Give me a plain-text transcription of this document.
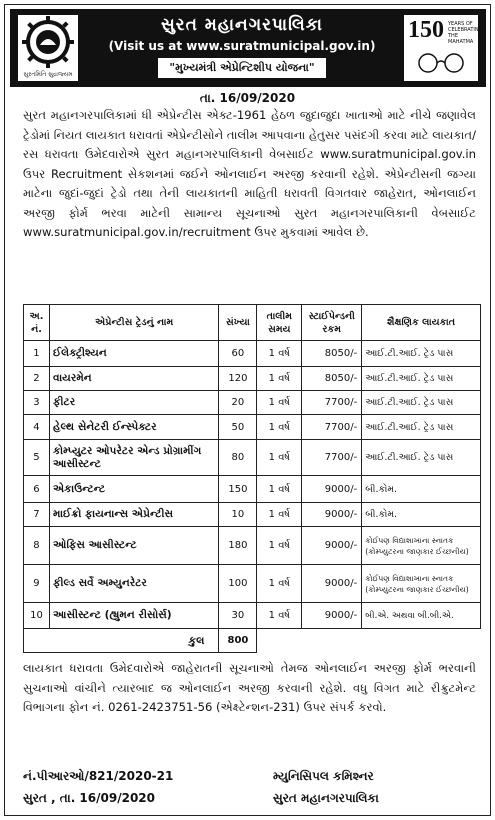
સુરતમિતિ સુદ્રાજ્યમ
સુરત મહાનગરપાલિકા
(Visit us at www.suratmunicipal.gov.in)
"મુખ્યમંત્રી એપ્રેન્ટિશીપ યોજના"
150 YEARS OF CELEBRATING THE MAHATMA
તા. 16/09/2020
સુરત મહાનગરપાલિકામાં ધી એપ્રેન્ટીસ એક્ટ-1961 હેઠળ જુદાજુદા ખાતાઓ માટે નીચે જણાવેલ ટ્રેડોમાં નિયત લાયકાત ધરાવતાં એપ્રેન્ટીસોને તાલીમ આપવાના હેતુસર પસંદગી કરવા માટે લાયકાત/રસ ધરાવતા ઉમેદવારોએ સુરત મહાનગરપાલિકાની વેબસાઈટ www.suratmunicipal.gov.in ઉપર Recruitment સેકશનમાં જઈને ઓનલાઈન અરજી કરવાની રહેશે. એપ્રેન્ટીસની જગ્યા માટેના જુદાં-જુદાં ટ્રેડો તથા તેની લાયકાતની માહિતી ધરાવતી વિગતવાર જાહેરાત, ઓનલાઈન અરજી ફોર્મ ભરવા માટેની સામાન્ય સૂચનાઓ સુરત મહાનગરપાલિકાની વેબસાઈટ www.suratmunicipal.gov.in/recruitment ઉપર મુકવામાં આવેલ છે.
અ. નં.	એપ્રેન્ટીસ ટ્રેડનું નામ	સંખ્યા	તાલીમ સમય	સ્ટાઈપેન્ડની રકમ	શૈક્ષણિક લાયકાત
1	ઈલેક્ટ્રીશ્યન	60	1 વર્ષ	8050/-	આઈ.ટી.આઈ. ટ્રેડ પાસ
2	વાયરમેન	120	1 વર્ષ	8050/-	આઈ.ટી.આઈ. ટ્રેડ પાસ
3	ફીટર	20	1 વર્ષ	7700/-	આઈ.ટી.આઈ. ટ્રેડ પાસ
4	હેલ્થ સેનેટરી ઈન્સ્પેક્ટર	50	1 વર્ષ	7700/-	આઈ.ટી.આઈ. ટ્રેડ પાસ
5	કોમ્પ્યુટર ઓપરેટર એન્ડ પ્રોગ્રામીંગ આસીસ્ટન્ટ	80	1 વર્ષ	7700/-	આઈ.ટી.આઈ. ટ્રેડ પાસ
6	એકાઉન્ટન્ટ	150	1 વર્ષ	9000/-	બી.કોમ.
7	માઈક્રો ફાયનાન્સ એપ્રેન્ટીસ	10	1 વર્ષ	9000/-	બી.કોમ.
8	ઓફિસ આસીસ્ટન્ટ	180	1 વર્ષ	9000/-	કોઈપણ વિદ્યાશાખાના સ્નાતક (કોમ્પ્યુટરના જાણકાર ઈચ્છનીય)
9	ફીલ્ડ સર્વે અમ્યુનરેટર	100	1 વર્ષ	9000/-	કોઈપણ વિદ્યાશાખાના સ્નાતક (કોમ્પ્યુટરના જાણકાર ઈચ્છનીય)
10	આસીસ્ટન્ટ (હ્યુમન રીસોર્સ)	30	1 વર્ષ	9000/-	બી.એ. અથવા બી.બી.એ.
કુલ		800			
લાયકાત ધરાવતા ઉમેદવારોએ જાહેરાતની સૂચનાઓ તેમજ ઓનલાઈન અરજી ફોર્મ ભરવાની સુચનાઓ વાંચીને ત્યારબાદ જ ઓનલાઈન અરજી કરવાની રહેશે. વધુ વિગત માટે રીક્રુટમેન્ટ વિભાગના ફોન નં. 0261-2423751-56 (એક્ષ્ટેન્શન-231) ઉપર સંપર્ક કરવો.
નં.પીઆરઓ/821/2020-21
સુરત , તા. 16/09/2020
મ્યુનિસિપલ કમિશ્નર
સુરત મહાનગરપાલિકા
